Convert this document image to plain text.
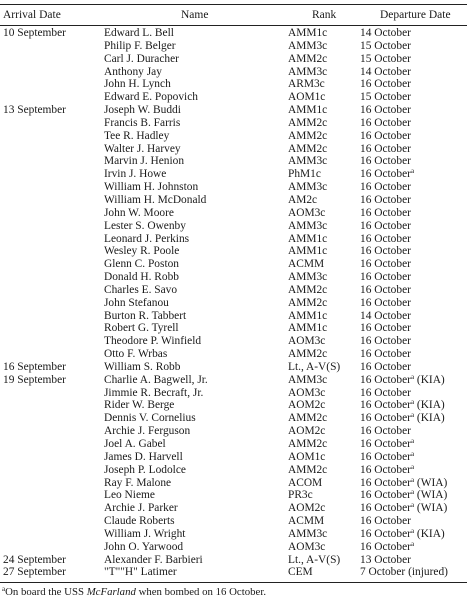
Arrival Date	Name	Rank	Departure Date
10 September	Edward L. Bell	AMM1c	14 October
	Philip F. Belger	AMM3c	15 October
	Carl J. Duracher	AMM2c	15 October
	Anthony Jay	AMM3c	14 October
	John H. Lynch	ARM3c	16 October
	Edward E. Popovich	AOM1c	15 October
13 September	Joseph W. Buddi	AMM1c	16 October
	Francis B. Farris	AMM2c	16 October
	Tee R. Hadley	AMM2c	16 October
	Walter J. Harvey	AMM2c	16 October
	Marvin J. Henion	AMM3c	16 October
	Irvin J. Howe	PhM1c	16 October$^a$
	William H. Johnston	AMM3c	16 October
	William H. McDonald	AM2c	16 October
	John W. Moore	AOM3c	16 October
	Lester S. Owenby	AMM3c	16 October
	Leonard J. Perkins	AMM1c	16 October
	Wesley R. Poole	AMM1c	16 October
	Glenn C. Poston	ACMM	16 October
	Donald H. Robb	AMM3c	16 October
	Charles E. Savo	AMM2c	16 October
	John Stefanou	AMM2c	16 October
	Burton R. Tabbert	AMM1c	14 October
	Robert G. Tyrell	AMM1c	16 October
	Theodore P. Winfield	AOM3c	16 October
	Otto F. Wrbas	AMM2c	16 October
16 September	William S. Robb	Lt., A-V(S)	16 October
19 September	Charlie A. Bagwell, Jr.	AMM3c	16 October$^a$ (KIA)
	Jimmie R. Becraft, Jr.	AOM3c	16 October
	Rider W. Berge	AOM2c	16 October$^a$ (KIA)
	Dennis V. Cornelius	AMM2c	16 October$^a$ (KIA)
	Archie J. Ferguson	AOM2c	16 October
	Joel A. Gabel	AMM2c	16 October$^a$
	James D. Harvell	AOM1c	16 October$^a$
	Joseph P. Lodolce	AMM2c	16 October$^a$
	Ray F. Malone	ACOM	16 October$^a$ (WIA)
	Leo Nieme	PR3c	16 October$^a$ (WIA)
	Archie J. Parker	AOM2c	16 October$^a$ (WIA)
	Claude Roberts	ACMM	16 October
	William J. Wright	AMM3c	16 October$^a$ (KIA)
	John O. Yarwood	AOM3c	16 October$^a$
24 September	Alexander F. Barbieri	Lt., A-V(S)	13 October
27 September	"T""H" Latimer	CEM	7 October (injured)
$^a$On board the USS McFarland when bombed on 16 October.
